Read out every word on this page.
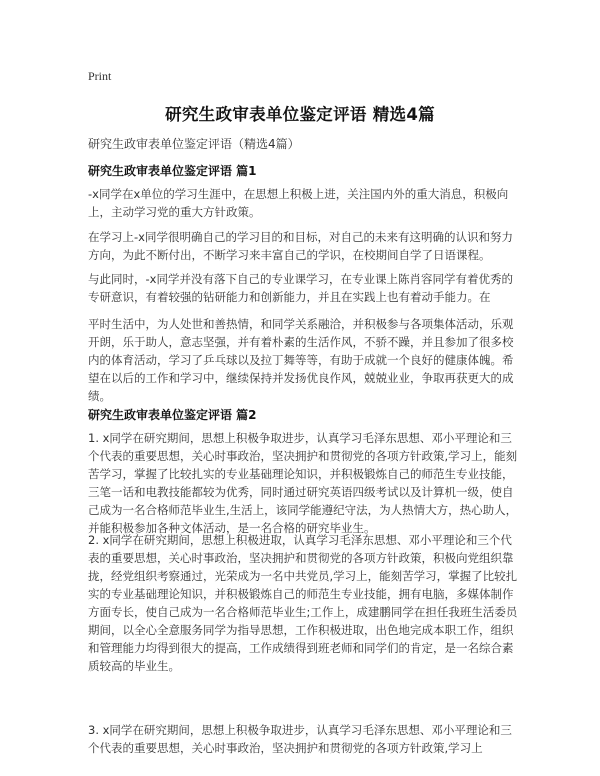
Print
研究生政审表单位鉴定评语 精选4篇
研究生政审表单位鉴定评语（精选4篇）
研究生政审表单位鉴定评语 篇1

-x同学在x单位的学习生涯中，在思想上积极上进，关注国内外的重大消息，积极向上，主动学习党的重大方针政策。

在学习上-x同学很明确自己的学习目的和目标，对自己的未来有这明确的认识和努力方向，为此不断付出，不断学习来丰富自己的学识，在校期间自学了日语课程。

与此同时，-x同学并没有落下自己的专业课学习，在专业课上陈肖容同学有着优秀的专研意识，有着较强的钻研能力和创新能力，并且在实践上也有着动手能力。在

平时生活中，为人处世和善热情，和同学关系融洽，并积极参与各项集体活动，乐观开朗，乐于助人，意志坚强，并有着朴素的生活作风，不骄不躁，并且参加了很多校内的体育活动，学习了乒乓球以及拉丁舞等等，有助于成就一个良好的健康体魄。希望在以后的工作和学习中，继续保持并发扬优良作风，兢兢业业，争取再获更大的成绩。

研究生政审表单位鉴定评语 篇2

1. x同学在研究期间，思想上积极争取进步，认真学习毛泽东思想、邓小平理论和三个代表的重要思想，关心时事政治，坚决拥护和贯彻党的各项方针政策,学习上，能刻苦学习，掌握了比较扎实的专业基础理论知识，并积极锻炼自己的师范生专业技能，三笔一话和电教技能都较为优秀，同时通过研究英语四级考试以及计算机一级，使自己成为一名合格师范毕业生,生活上，该同学能遵纪守法，为人热情大方，热心助人，并能积极参加各种文体活动，是一名合格的研究毕业生。

2. x同学在研究期间，思想上积极进取，认真学习毛泽东思想、邓小平理论和三个代表的重要思想，关心时事政治，坚决拥护和贯彻党的各项方针政策，积极向党组织靠拢，经党组织考察通过，光荣成为一名中共党员,学习上，能刻苦学习，掌握了比较扎实的专业基础理论知识，并积极锻炼自己的师范生专业技能，拥有电脑，多媒体制作方面专长，使自己成为一名合格师范毕业生;工作上，成建鹏同学在担任我班生活委员期间，以全心全意服务同学为指导思想，工作积极进取，出色地完成本职工作，组织和管理能力均得到很大的提高，工作成绩得到班老师和同学们的肯定，是一名综合素质较高的毕业生。

3. x同学在研究期间，思想上积极争取进步，认真学习毛泽东思想、邓小平理论和三个代表的重要思想，关心时事政治，坚决拥护和贯彻党的各项方针政策,学习上
